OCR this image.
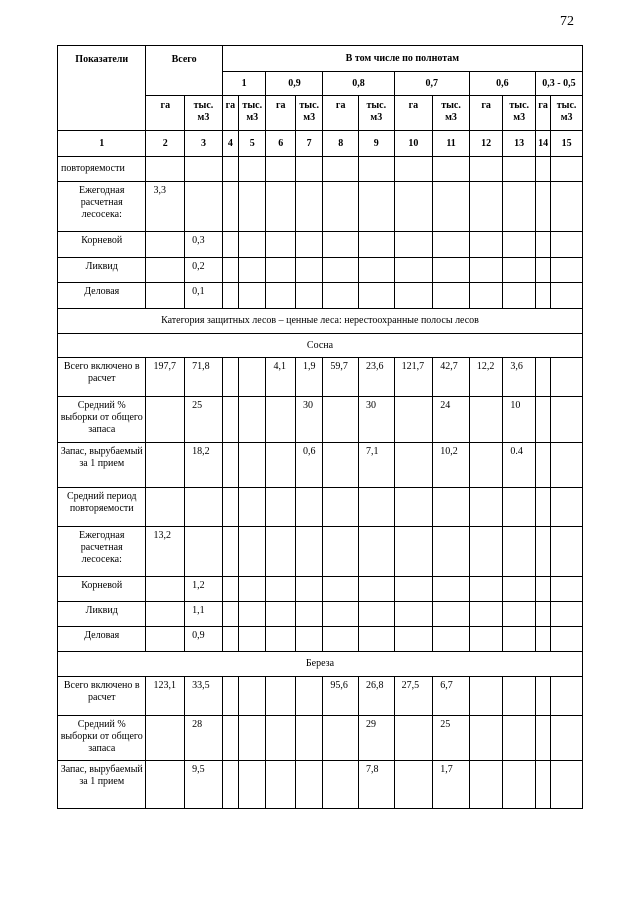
72
Показатели	Всего		В том числе по полнотам											
			1		0,9		0,8		0,7		0,6		0,3 - 0,5	
	га	тыс. м3	га	тыс. м3	га	тыс. м3	га	тыс. м3	га	тыс. м3	га	тыс. м3	га	тыс. м3
1	2	3	4	5	6	7	8	9	10	11	12	13	14	15
повторяемости														
Ежегодная расчетная лесосека:	3,3													
Корневой		0,3												
Ликвид		0,2												
Деловая		0,1												
Категория защитных лесов – ценные леса: нерестоохранные полосы лесов														
Сосна														
Всего включено в расчет	197,7	71,8			4,1	1,9	59,7	23,6	121,7	42,7	12,2	3,6		
Средний % выборки от общего запаса		25				30		30		24		10		
Запас, вырубаемый за 1 прием		18,2				0,6		7,1		10,2		0.4		
Средний период повторяемости														
Ежегодная расчетная лесосека:	13,2													
Корневой		1,2												
Ликвид		1,1												
Деловая		0,9												
Береза														
Всего включено в расчет	123,1	33,5					95,6	26,8	27,5	6,7				
Средний % выборки от общего запаса		28						29		25				
Запас, вырубаемый за 1 прием		9,5						7,8		1,7				
